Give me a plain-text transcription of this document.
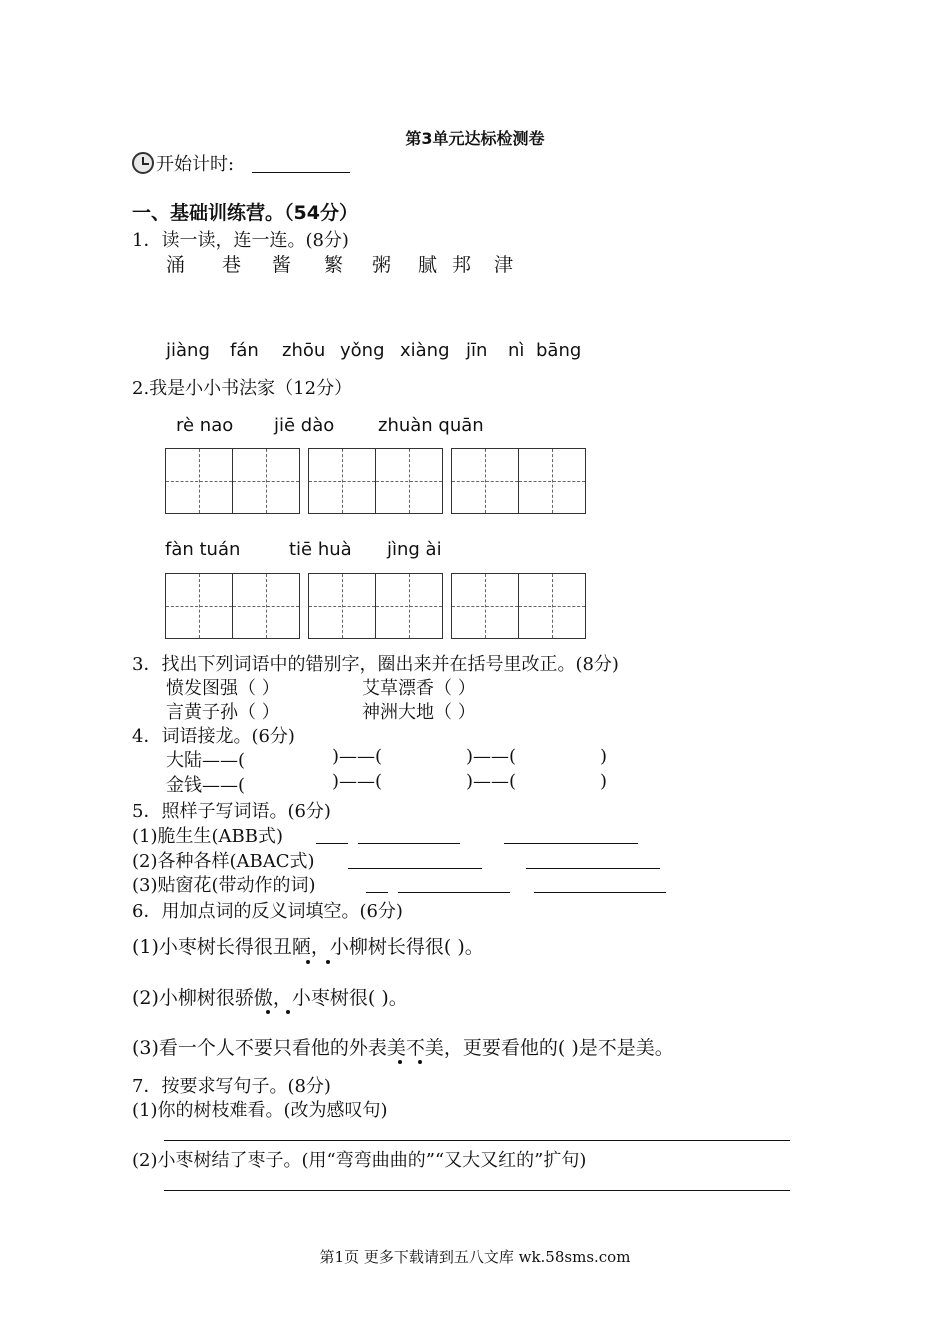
第3单元达标检测卷
开始计时:
一、基础训练营。（54分）
1．读一读，连一连。(8分)
涌 巷 酱 繁 粥 腻 邦 津
jiàng fán zhōu yǒng xiàng jīn nì bāng
2.我是小小书法家（12分）
rè nao jiē dào zhuàn quān
fàn tuán	tiē huà jìng ài
3．找出下列词语中的错别字，圈出来并在括号里改正。(8分)
愤发图强（ ）	艾草漂香（ ）
言黄子孙（ ）	神洲大地（ ）
4．词语接龙。(6分)
大陆——(	)——(	)——(	)
金钱——(	)——(	)——(	)
5．照样子写词语。(6分)
(1)脆生生(ABB式)
(2)各种各样(ABAC式)
(3)贴窗花(带动作的词)
6．用加点词的反义词填空。(6分)
(1)小枣树长得很丑陋，小柳树长得很( )。
(2)小柳树很骄傲，小枣树很( )。
(3)看一个人不要只看他的外表美不美，更要看他的( )是不是美。
7．按要求写句子。(8分)
(1)你的树枝难看。(改为感叹句)
(2)小枣树结了枣子。(用“弯弯曲曲的”“又大又红的”扩句)
第1页 更多下载请到五八文库 wk.58sms.com
